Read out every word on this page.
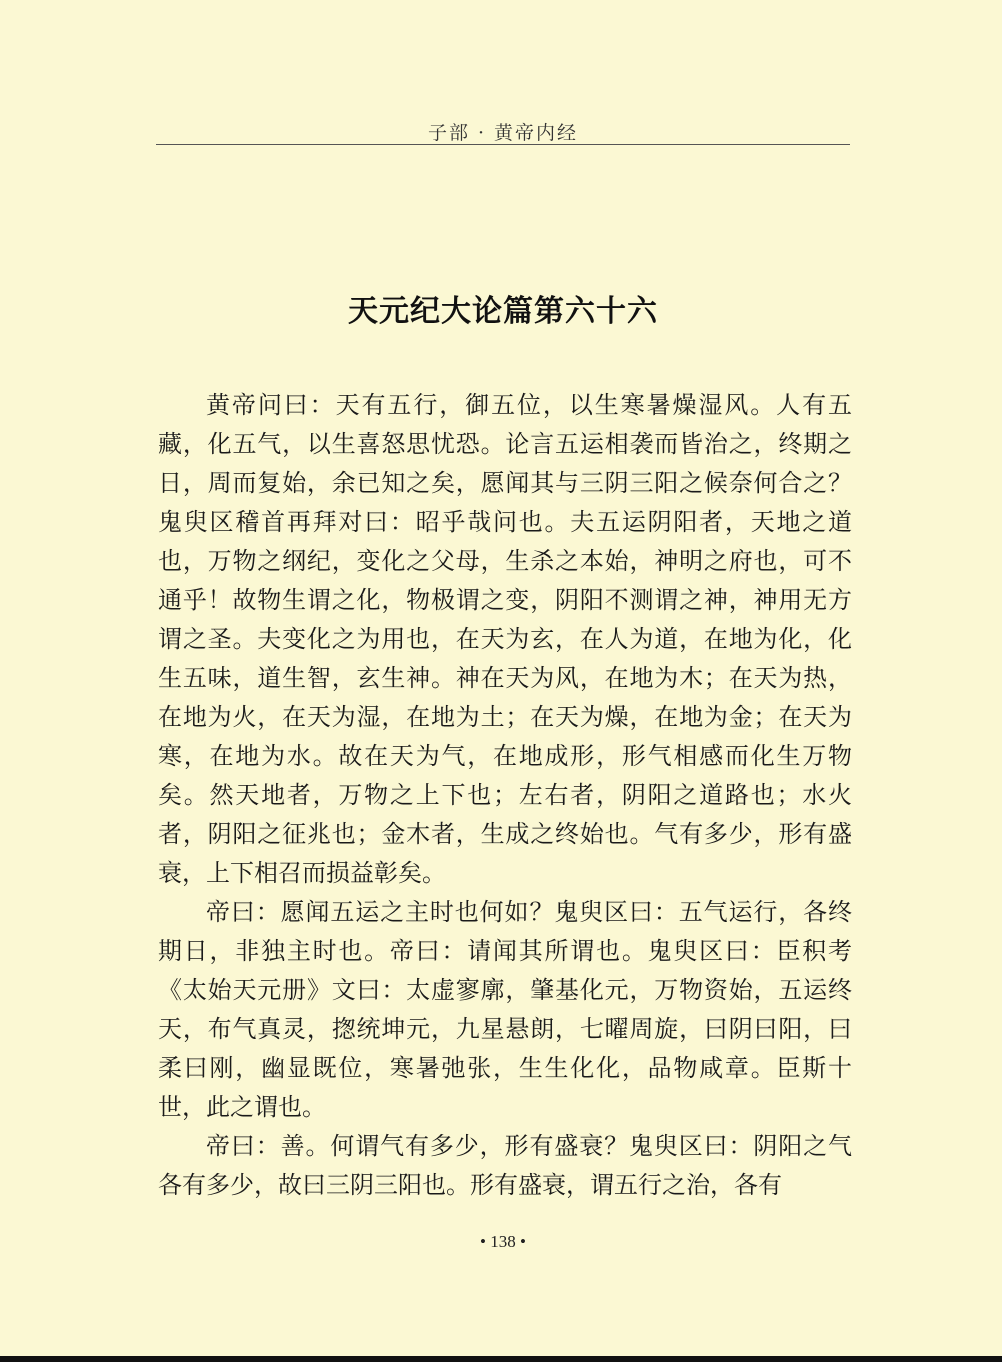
子部 · 黄帝内经
天元纪大论篇第六十六

黄帝问曰：天有五行，御五位，以生寒暑燥湿风。人有五藏，化五气，以生喜怒思忧恐。论言五运相袭而皆治之，终期之日，周而复始，余已知之矣，愿闻其与三阴三阳之候奈何合之？鬼臾区稽首再拜对曰：昭乎哉问也。夫五运阴阳者，天地之道也，万物之纲纪，变化之父母，生杀之本始，神明之府也，可不通乎！故物生谓之化，物极谓之变，阴阳不测谓之神，神用无方谓之圣。夫变化之为用也，在天为玄，在人为道，在地为化，化生五味，道生智，玄生神。神在天为风，在地为木；在天为热，在地为火，在天为湿，在地为土；在天为燥，在地为金；在天为寒，在地为水。故在天为气，在地成形，形气相感而化生万物矣。然天地者，万物之上下也；左右者，阴阳之道路也；水火者，阴阳之征兆也；金木者，生成之终始也。气有多少，形有盛衰，上下相召而损益彰矣。

帝曰：愿闻五运之主时也何如？鬼臾区曰：五气运行，各终期日，非独主时也。帝曰：请闻其所谓也。鬼臾区曰：臣积考《太始天元册》文曰：太虚寥廓，肇基化元，万物资始，五运终天，布气真灵，揔统坤元，九星悬朗，七曜周旋，曰阴曰阳，曰柔曰刚，幽显既位，寒暑弛张，生生化化，品物咸章。臣斯十世，此之谓也。

帝曰：善。何谓气有多少，形有盛衰？鬼臾区曰：阴阳之气各有多少，故曰三阴三阳也。形有盛衰，谓五行之治，各有

• 138 •
